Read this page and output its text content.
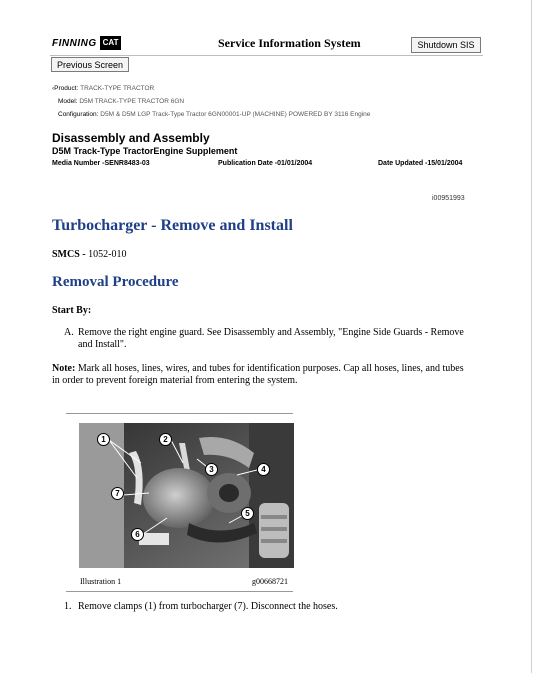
FINNING CAT	Service Information System	Shutdown SIS
Previous Screen
‹Product: TRACK-TYPE TRACTOR
Model: D5M TRACK-TYPE TRACTOR 6GN
Configuration: D5M & D5M LGP Track-Type Tractor 6GN00001-UP (MACHINE) POWERED BY 3116 Engine
Disassembly and Assembly
D5M Track-Type TractorEngine Supplement
Media Number -SENR8483-03	Publication Date -01/01/2004	Date Updated -15/01/2004
i00951993
Turbocharger - Remove and Install
SMCS - 1052-010
Removal Procedure
Start By:
A. Remove the right engine guard. See Disassembly and Assembly, "Engine Side Guards - Remove and Install".
Note: Mark all hoses, lines, wires, and tubes for identification purposes. Cap all hoses, lines, and tubes in order to prevent foreign material from entering the system.
1	2
3	4
5
6
7
Illustration 1	g00668721
1. Remove clamps (1) from turbocharger (7). Disconnect the hoses.
